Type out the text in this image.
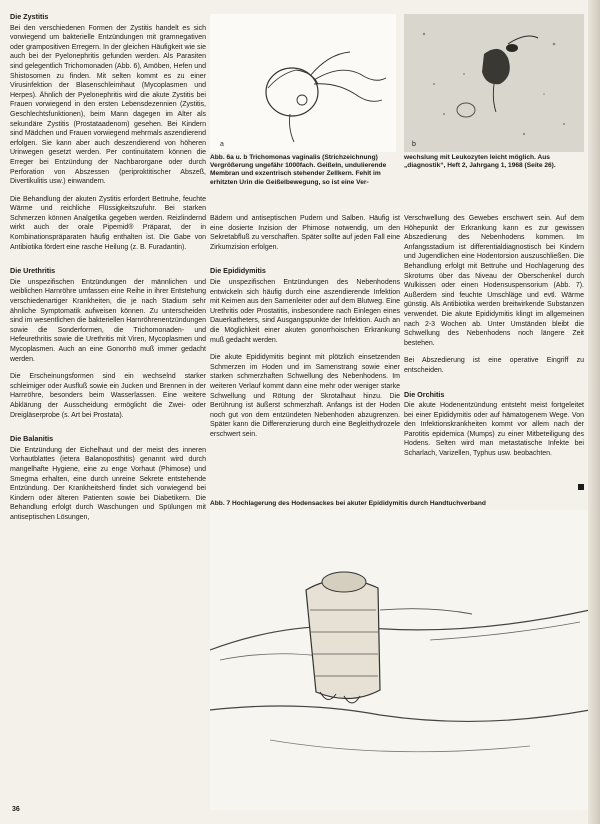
Die Zystitis

Bei den verschiedenen Formen der Zystitis handelt es sich vorwiegend um bakterielle Entzündungen mit gramnegativen oder grampositiven Erregern. In der gleichen Häufigkeit wie sie auch bei der Pyelonephritis gefunden werden. Als Parasiten sind gelegentlich Trichomonaden (Abb. 6), Amöben, Hefen und Shistosomen zu finden. Mit selten kommt es zu einer Virusinfektion der Blasenschleimhaut (Mycoplasmen und Herpes). Ähnlich der Pyelonephritis wird die akute Zystitis bei Frauen vorwiegend in den ersten Lebensdezennien (Zystitis, Geschlechtsfunktionen), beim Mann dagegen im Alter als sekundäre Zystitis (Prostataadenom) gesehen. Bei Kindern sind Mädchen und Frauen vorwiegend mehrmals aszendierend erfolgen. Sie kann aber auch deszendierend von höheren Urinwegen gesetzt werden. Per continuitatem können die Erreger bei Entzündung der Nachbarorgane oder durch Perforation von Abszessen (periproktitischer Abszeß, Divertikulitis usw.) einwandern.

Die Behandlung der akuten Zystitis erfordert Bettruhe, feuchte Wärme und reichliche Flüssigkeitszufuhr. Bei starken Schmerzen können Analgetika gegeben werden. Reizlindernd wirkt auch der orale Pipemid® Präparat, der in Kombinationspräparaten häufig enthalten ist. Die Gabe von Antibiotika fördert eine rasche Heilung (z. B. Furadantin).

Die Urethritis

Die unspezifischen Entzündungen der männlichen und weiblichen Harnröhre umfassen eine Reihe in ihrer Entstehung verschiedenartiger Krankheiten, die je nach Stadium sehr ähnliche Symptomatik aufweisen können. Zu unterscheiden sind im wesentlichen die bakteriellen Harnröhrenentzündungen sowie die Sonderformen, die Trichomonaden- und Hefeurethritis sowie die Urethritis mit Viren, Mycoplasmen und Mycoplasmen. Auch an eine Gonorrhö muß immer gedacht werden.

Die Erscheinungsformen sind ein wechselnd starker schleimiger oder Ausfluß sowie ein Jucken und Brennen in der Harnröhre, besonders beim Wasserlassen. Eine weitere Abklärung der Ausscheidung ermöglicht die Zwei- oder Dreigläserprobe (s. Art bei Prostata).

Die Balanitis

Die Entzündung der Eichelhaut und der meist des inneren Vorhautblattes (ietera Balanoposthitis) genannt wird durch mangelhafte Hygiene, eine zu enge Vorhaut (Phimose) und Smegma erhalten, eine durch unreine Sekrete entstehende Entzündung. Der Krankheitsherd findet sich vorwiegend bei Kindern oder älteren Patienten sowie bei Diabetikern. Die Behandlung erfolgt durch Waschungen und Spülungen mit antiseptischen Lösungen,

a	b
Abb. 6a u. b Trichomonas vaginalis (Strichzeichnung) Vergrößerung ungefähr 1000fach. Geißeln, undulierende Membran und exzentrisch stehender Zellkern. Fehlt im erhitzten Urin die Geißelbewegung, so ist eine Ver-
wechslung mit Leukozyten leicht möglich. Aus „diagnostik“, Heft 2, Jahrgang 1, 1968 (Seite 26).

Bädern und antiseptischen Pudern und Salben. Häufig ist eine dosierte Inzision der Phimose notwendig, um den Sekretabfluß zu verschaffen. Später sollte auf jeden Fall eine Zirkumzision erfolgen.

Die Epididymitis

Die unspezifischen Entzündungen des Nebenhodens entwickeln sich häufig durch eine aszendierende Infektion mit Keimen aus den Samenleiter oder auf dem Blutweg. Eine Urethritis oder Prostatitis, insbesondere nach Einlegen eines Dauerkatheters, sind Ausgangspunkte der Infektion. Auch an die Möglichkeit einer akuten gonorrhoischen Erkrankung muß gedacht werden.

Die akute Epididymitis beginnt mit plötzlich einsetzenden Schmerzen im Hoden und im Samenstrang sowie einer starken schmerzhaften Schwellung des Nebenhodens. Im weiteren Verlauf kommt dann eine mehr oder weniger starke Schwellung und Rötung der Skrotalhaut hinzu. Die Berührung ist äußerst schmerzhaft. Anfangs ist der Hoden noch gut von dem entzündeten Nebenhoden abzugrenzen. Später kann die Differenzierung durch eine Begleithydrozele erschwert sein.

Verschwellung des Gewebes erschwert sein. Auf dem Höhepunkt der Erkrankung kann es zur gewissen Abszedierung des Nebenhodens kommen. Im Anfangsstadium ist differentialdiagnostisch bei Kindern und Jugendlichen eine Hodentorsion auszuschließen. Die Behandlung erfolgt mit Bettruhe und Hochlagerung des Skrotums über das Niveau der Oberschenkel durch Wulkissen oder einen Hodensuspensorium (Abb. 7). Außerdem sind feuchte Umschläge und evtl. Wärme günstig. Als Antibiotika werden breitwirkende Substanzen verwendet. Die akute Epididymitis klingt im allgemeinen nach 2-3 Wochen ab. Unter Umständen bleibt die Schwellung des Nebenhodens noch längere Zeit bestehen.

Bei Abszedierung ist eine operative Eingriff zu entscheiden.

Die Orchitis

Die akute Hodenentzündung entsteht meist fortgeleitet bei einer Epididymitis oder auf hämatogenem Wege. Von den Infektionskrankheiten kommt vor allem nach der Parotitis epidemica (Mumps) zu einer Mitbeteiligung des Hodens. Selten wird man metastatische Infekte bei Scharlach, Varizellen, Typhus usw. beobachten.

Abb. 7 Hochlagerung des Hodensackes bei akuter Epididymitis durch Handtuchverband
36
